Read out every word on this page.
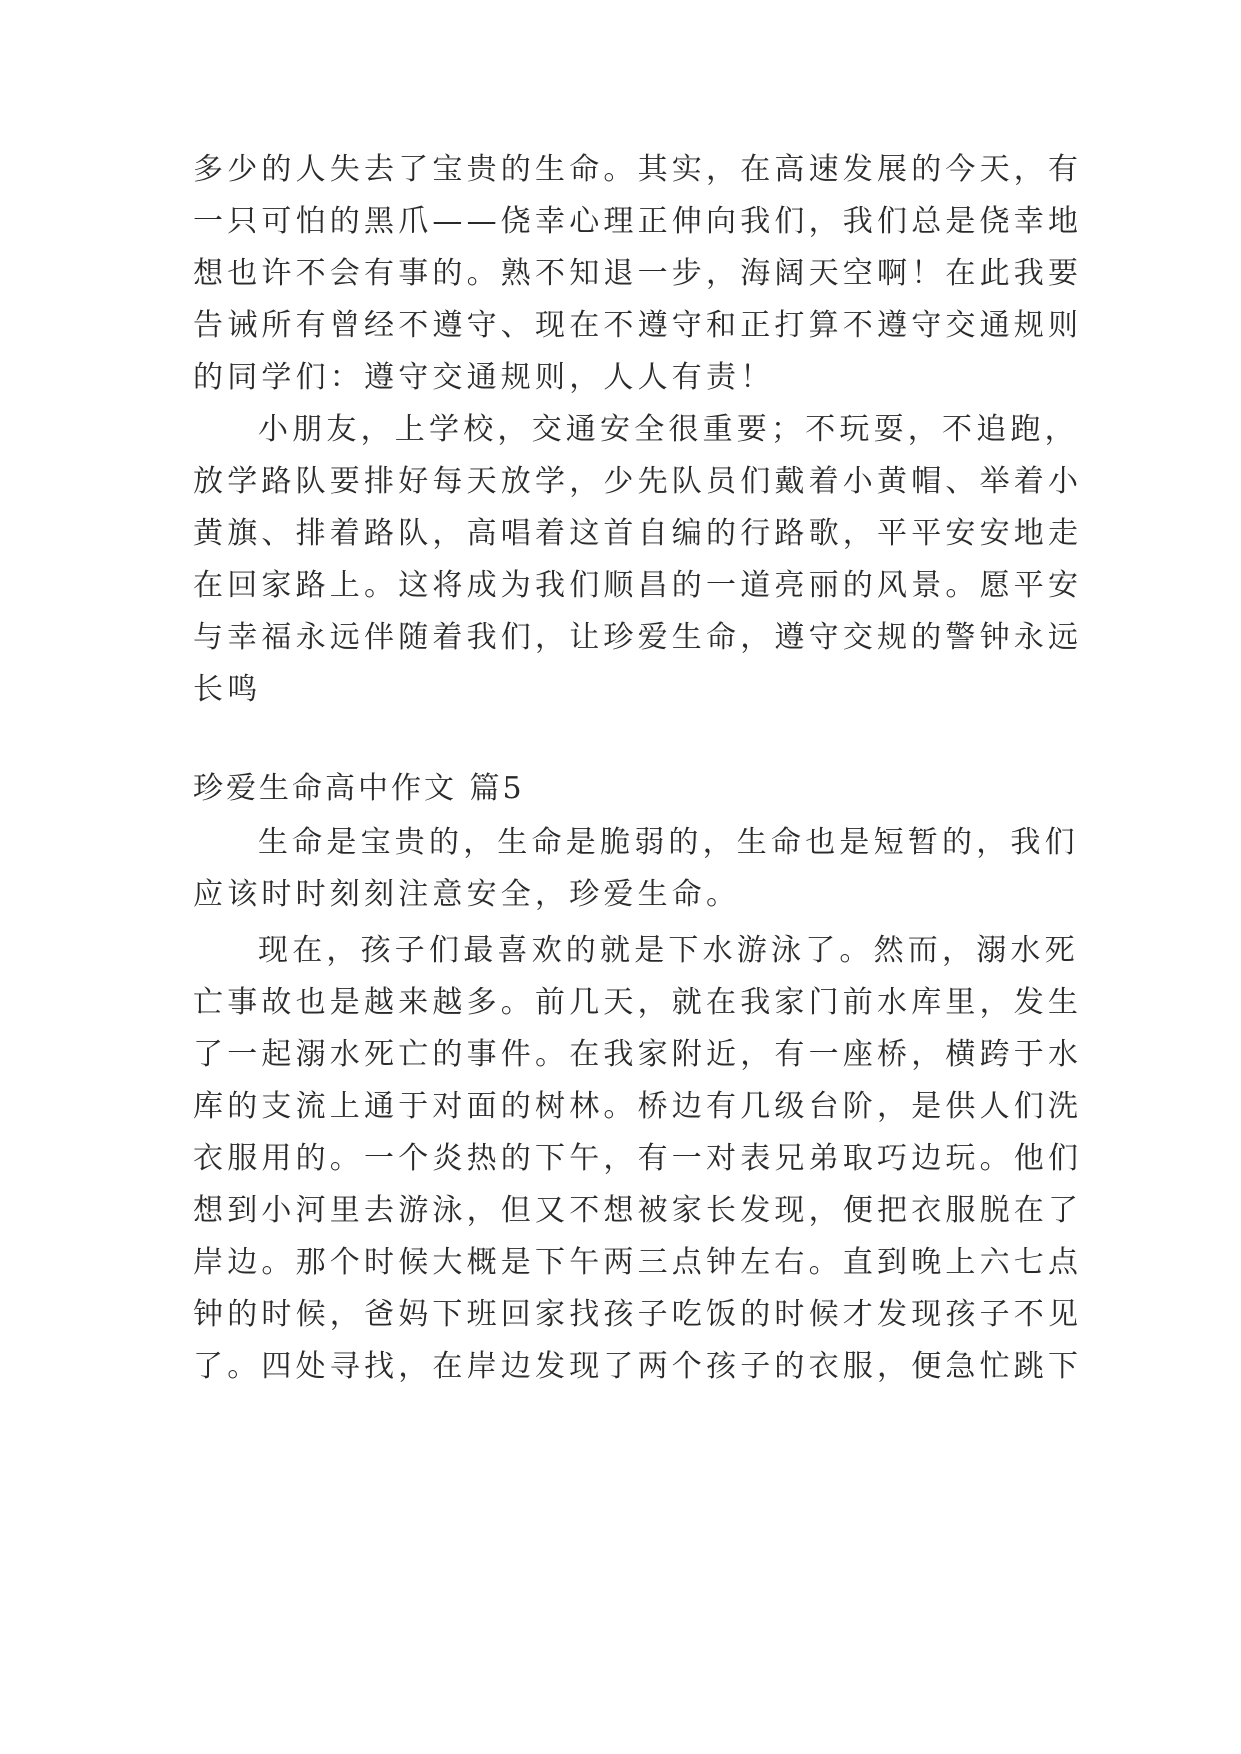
多少的人失去了宝贵的生命。其实，在高速发展的今天，有
一只可怕的黑爪——侥幸心理正伸向我们，我们总是侥幸地
想也许不会有事的。熟不知退一步，海阔天空啊！在此我要
告诫所有曾经不遵守、现在不遵守和正打算不遵守交通规则
的同学们：遵守交通规则，人人有责！
小朋友，上学校，交通安全很重要；不玩耍，不追跑，
放学路队要排好每天放学，少先队员们戴着小黄帽、举着小
黄旗、排着路队，高唱着这首自编的行路歌，平平安安地走
在回家路上。这将成为我们顺昌的一道亮丽的风景。愿平安
与幸福永远伴随着我们，让珍爱生命，遵守交规的警钟永远
长鸣
珍爱生命高中作文 篇5
生命是宝贵的，生命是脆弱的，生命也是短暂的，我们
应该时时刻刻注意安全，珍爱生命。
现在，孩子们最喜欢的就是下水游泳了。然而，溺水死
亡事故也是越来越多。前几天，就在我家门前水库里，发生
了一起溺水死亡的事件。在我家附近，有一座桥，横跨于水
库的支流上通于对面的树林。桥边有几级台阶，是供人们洗
衣服用的。一个炎热的下午，有一对表兄弟取巧边玩。他们
想到小河里去游泳，但又不想被家长发现，便把衣服脱在了
岸边。那个时候大概是下午两三点钟左右。直到晚上六七点
钟的时候，爸妈下班回家找孩子吃饭的时候才发现孩子不见
了。四处寻找，在岸边发现了两个孩子的衣服，便急忙跳下
